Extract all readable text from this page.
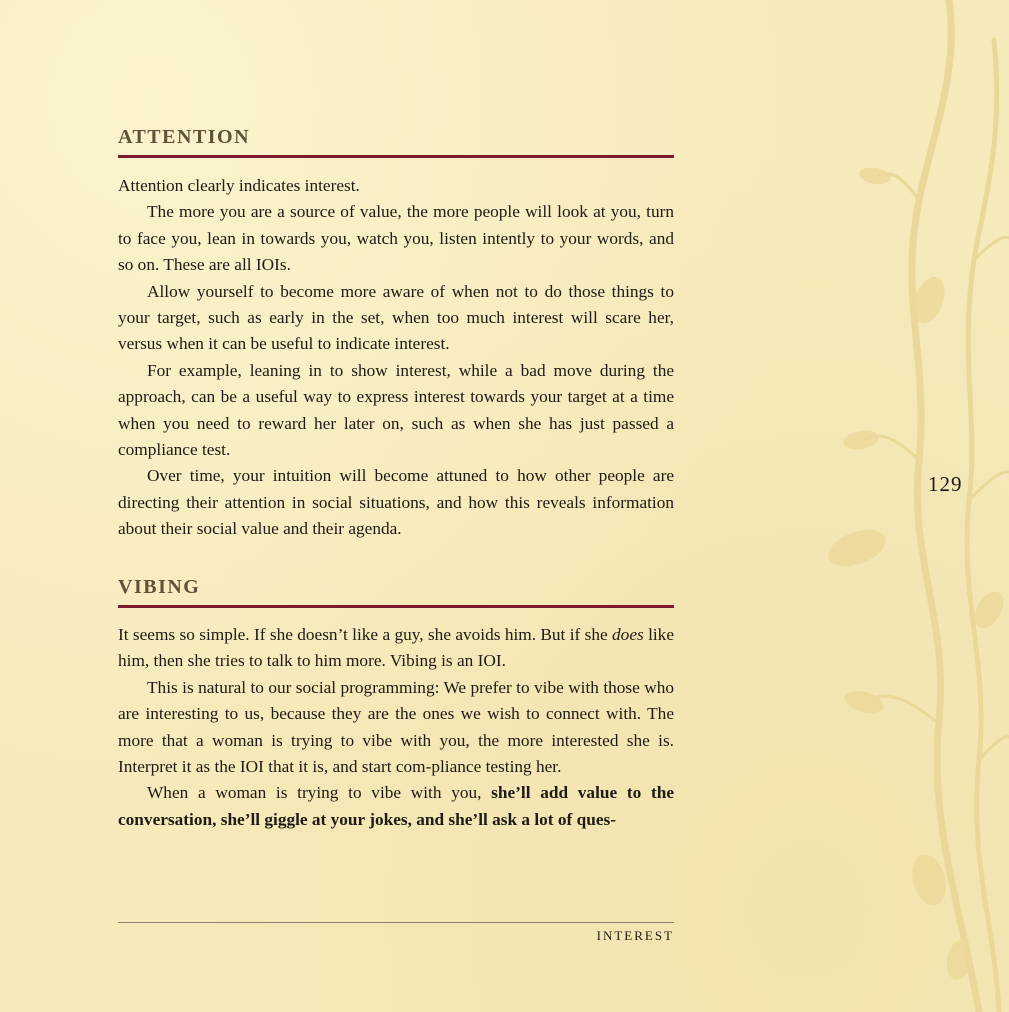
ATTENTION

Attention clearly indicates interest.

The more you are a source of value, the more people will look at you, turn to face you, lean in towards you, watch you, listen intently to your words, and so on. These are all IOIs.

Allow yourself to become more aware of when not to do those things to your target, such as early in the set, when too much interest will scare her, versus when it can be useful to indicate interest.

For example, leaning in to show interest, while a bad move during the approach, can be a useful way to express interest towards your target at a time when you need to reward her later on, such as when she has just passed a compliance test.

Over time, your intuition will become attuned to how other people are directing their attention in social situations, and how this reveals information about their social value and their agenda.

VIBING

It seems so simple. If she doesn’t like a guy, she avoids him. But if she does like him, then she tries to talk to him more. Vibing is an IOI.

This is natural to our social programming: We prefer to vibe with those who are interesting to us, because they are the ones we wish to connect with. The more that a woman is trying to vibe with you, the more interested she is. Interpret it as the IOI that it is, and start com-pliance testing her.

When a woman is trying to vibe with you, she’ll add value to the conversation, she’ll giggle at your jokes, and she’ll ask a lot of ques-

129
INTEREST
